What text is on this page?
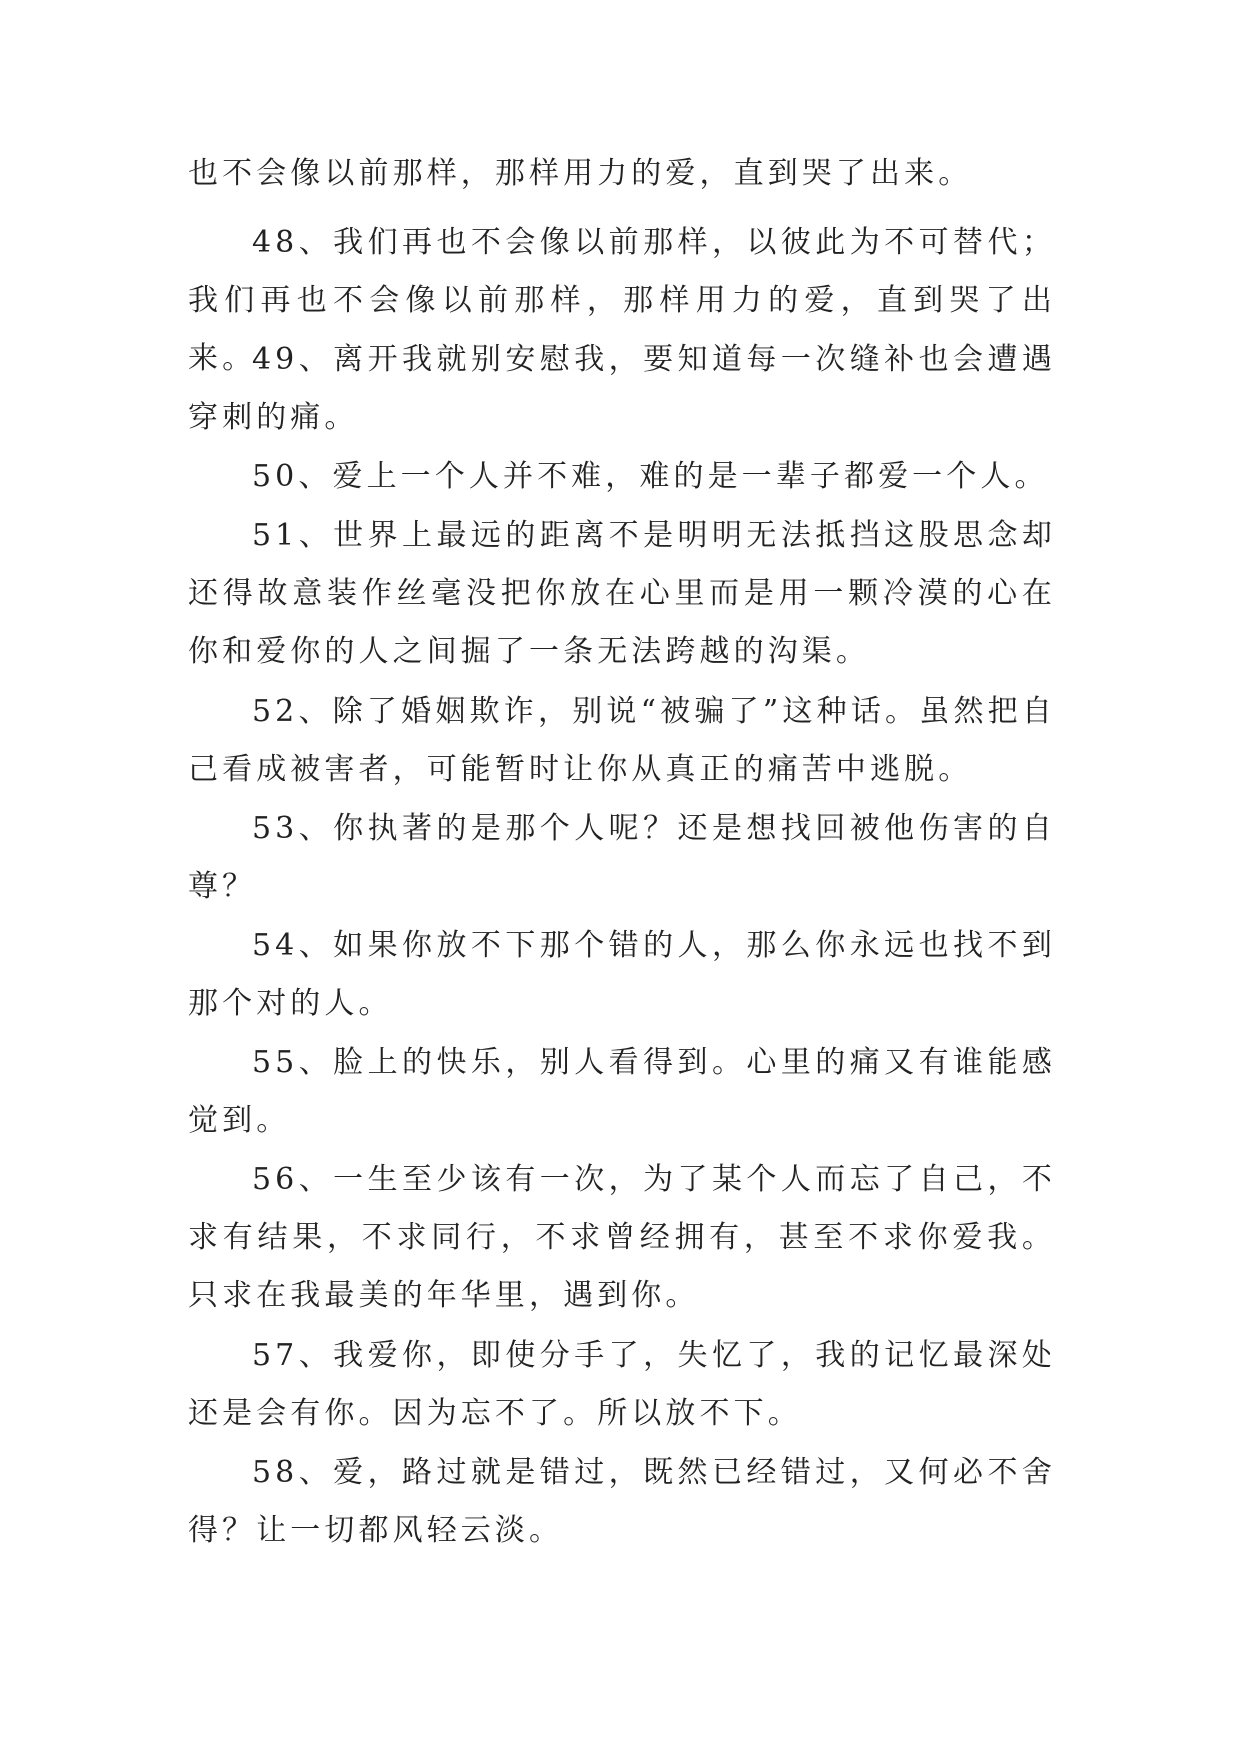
也不会像以前那样，那样用力的爱，直到哭了出来。

48、我们再也不会像以前那样，以彼此为不可替代；我们再也不会像以前那样，那样用力的爱，直到哭了出来。

49、离开我就别安慰我，要知道每一次缝补也会遭遇穿刺的痛。

50、爱上一个人并不难，难的是一辈子都爱一个人。

51、世界上最远的距离不是明明无法抵挡这股思念却还得故意装作丝毫没把你放在心里而是用一颗冷漠的心在你和爱你的人之间掘了一条无法跨越的沟渠。

52、除了婚姻欺诈，别说“被骗了”这种话。虽然把自己看成被害者，可能暂时让你从真正的痛苦中逃脱。

53、你执著的是那个人呢？还是想找回被他伤害的自尊？

54、如果你放不下那个错的人，那么你永远也找不到那个对的人。

55、脸上的快乐，别人看得到。心里的痛又有谁能感觉到。

56、一生至少该有一次，为了某个人而忘了自己，不求有结果，不求同行，不求曾经拥有，甚至不求你爱我。只求在我最美的年华里，遇到你。

57、我爱你，即使分手了，失忆了，我的记忆最深处还是会有你。因为忘不了。所以放不下。

58、爱，路过就是错过，既然已经错过，又何必不舍得？让一切都风轻云淡。
